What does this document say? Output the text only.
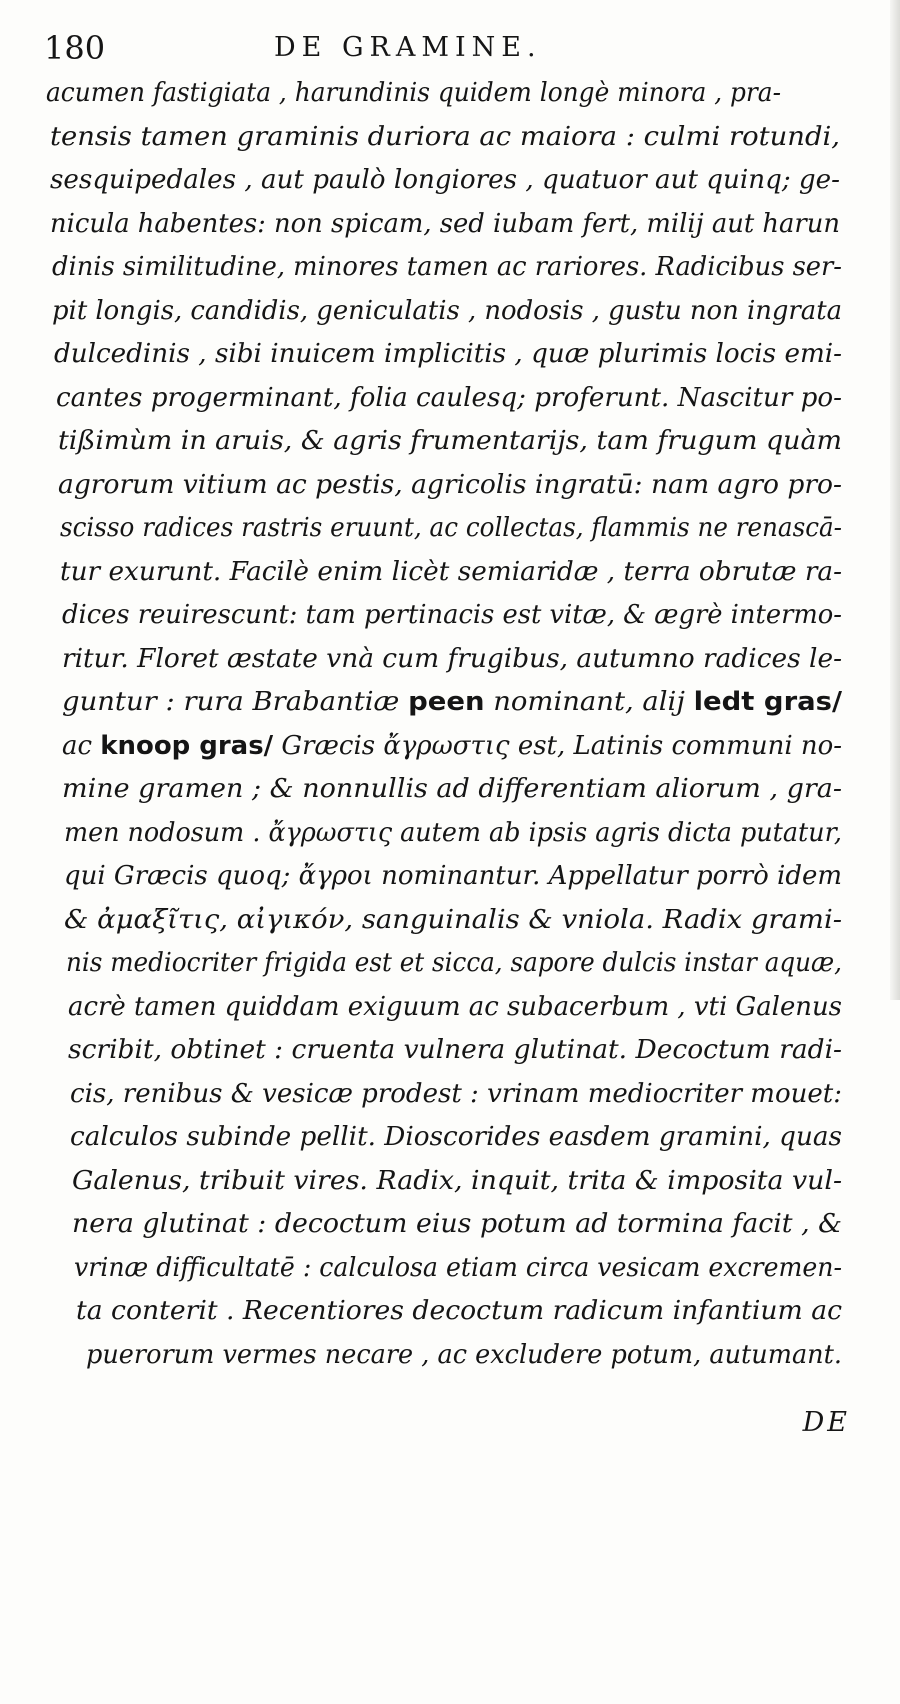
180	DE GRAMINE.
acumen fastigiata , harundinis quidem longè minora , pra-
tensis tamen graminis duriora ac maiora : culmi rotundi,
sesquipedales , aut paulò longiores , quatuor aut quinq; ge-
nicula habentes: non spicam, sed iubam fert, milij aut harun
dinis similitudine, minores tamen ac rariores. Radicibus ser-
pit longis, candidis, geniculatis , nodosis , gustu non ingrata
dulcedinis , sibi inuicem implicitis , quæ plurimis locis emi-
cantes progerminant, folia caulesq; proferunt. Nascitur po-
tißimùm in aruis, & agris frumentarijs, tam frugum quàm
agrorum vitium ac pestis, agricolis ingratū: nam agro pro-
scisso radices rastris eruunt, ac collectas, flammis ne renascā-
tur exurunt. Facilè enim licèt semiaridæ , terra obrutæ ra-
dices reuirescunt: tam pertinacis est vitæ, & ægrè intermo-
ritur. Floret æstate vnà cum frugibus, autumno radices le-
guntur : rura Brabantiæ peen nominant, alij ledt gras/
ac knoop gras/ Græcis ἄγρωστις est, Latinis communi no-
mine gramen ; & nonnullis ad differentiam aliorum , gra-
men nodosum . ἄγρωστις autem ab ipsis agris dicta putatur,
qui Græcis quoq; ἄγροι nominantur. Appellatur porrò idem
& ἀμαξῖτις, αἰγικόν, sanguinalis & vniola. Radix grami-
nis mediocriter frigida est et sicca, sapore dulcis instar aquæ,
acrè tamen quiddam exiguum ac subacerbum , vti Galenus
scribit, obtinet : cruenta vulnera glutinat. Decoctum radi-
cis, renibus & vesicæ prodest : vrinam mediocriter mouet:
calculos subinde pellit. Dioscorides easdem gramini, quas
Galenus, tribuit vires. Radix, inquit, trita & imposita vul-
nera glutinat : decoctum eius potum ad tormina facit , &
vrinæ difficultatē : calculosa etiam circa vesicam excremen-
ta conterit . Recentiores decoctum radicum infantium ac
puerorum vermes necare , ac excludere potum, autumant.
DE
